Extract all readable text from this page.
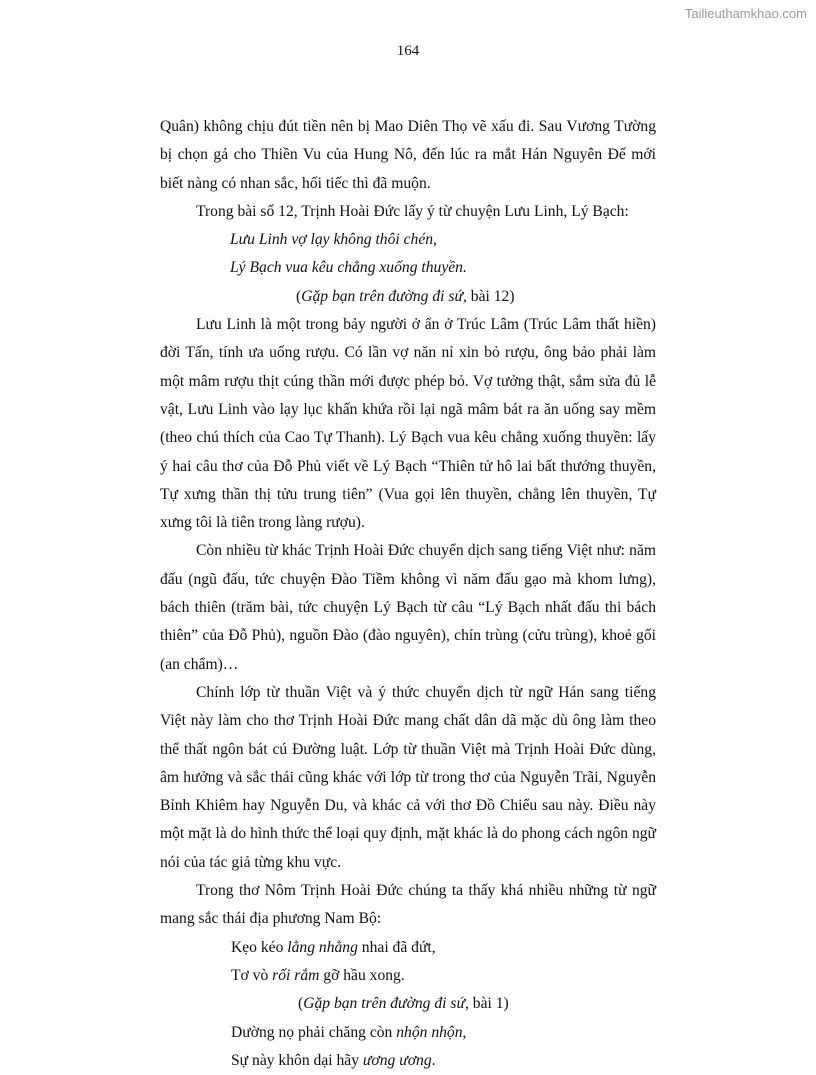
Tailieuthamkhao.com
164

Quân) không chịu đút tiền nên bị Mao Diên Thọ vẽ xấu đi. Sau Vương Tường bị chọn gả cho Thiền Vu của Hung Nô, đến lúc ra mắt Hán Nguyên Đế mới biết nàng có nhan sắc, hối tiếc thì đã muộn.

Trong bài số 12, Trịnh Hoài Đức lấy ý từ chuyện Lưu Linh, Lý Bạch:

Lưu Linh vợ lạy không thôi chén,

Lý Bạch vua kêu chẳng xuống thuyền.

(Gặp bạn trên đường đi sứ, bài 12)

Lưu Linh là một trong bảy người ở ẩn ở Trúc Lâm (Trúc Lâm thất hiền) đời Tấn, tính ưa uống rượu. Có lần vợ năn nỉ xin bỏ rượu, ông bảo phải làm một mâm rượu thịt cúng thần mới được phép bỏ. Vợ tưởng thật, sắm sửa đủ lễ vật, Lưu Linh vào lạy lục khấn khứa rồi lại ngã mâm bát ra ăn uống say mềm (theo chú thích của Cao Tự Thanh). Lý Bạch vua kêu chẳng xuống thuyền: lấy ý hai câu thơ của Đỗ Phủ viết về Lý Bạch “Thiên tử hô lai bất thướng thuyền, Tự xưng thần thị tửu trung tiên” (Vua gọi lên thuyền, chẳng lên thuyền, Tự xưng tôi là tiên trong làng rượu).

Còn nhiều từ khác Trịnh Hoài Đức chuyển dịch sang tiếng Việt như: năm đấu (ngũ đấu, tức chuyện Đào Tiềm không vì năm đấu gạo mà khom lưng), bách thiên (trăm bài, tức chuyện Lý Bạch từ câu “Lý Bạch nhất đấu thi bách thiên” của Đỗ Phủ), nguồn Đào (đào nguyên), chín trùng (cửu trùng), khoẻ gối (an chẩm)…

Chính lớp từ thuần Việt và ý thức chuyển dịch từ ngữ Hán sang tiếng Việt này làm cho thơ Trịnh Hoài Đức mang chất dân dã mặc dù ông làm theo thể thất ngôn bát cú Đường luật. Lớp từ thuần Việt mà Trịnh Hoài Đức dùng, âm hưởng và sắc thái cũng khác với lớp từ trong thơ của Nguyễn Trãi, Nguyễn Bỉnh Khiêm hay Nguyễn Du, và khác cả với thơ Đồ Chiểu sau này. Điều này một mặt là do hình thức thể loại quy định, mặt khác là do phong cách ngôn ngữ nói của tác giả từng khu vực.

Trong thơ Nôm Trịnh Hoài Đức chúng ta thấy khá nhiều những từ ngữ mang sắc thái địa phương Nam Bộ:

Kẹo kéo lằng nhằng nhai đã đứt,

Tơ vò rối rắm gỡ hầu xong.

(Gặp bạn trên đường đi sứ, bài 1)

Dường nọ phải chăng còn nhộn nhộn,

Sự này khôn dại hãy ương ương.
